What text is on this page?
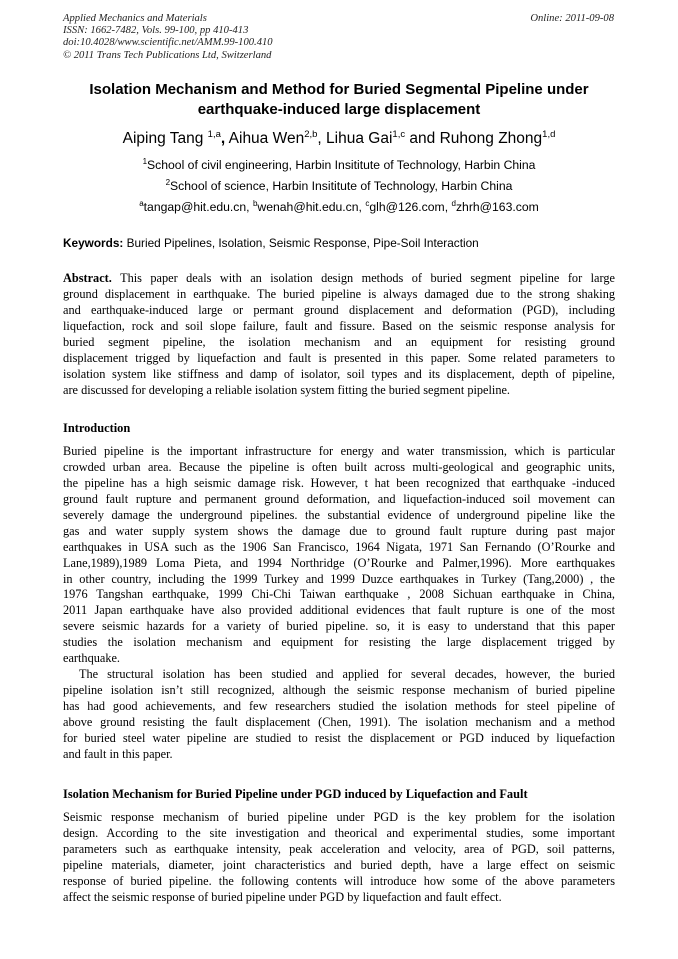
Applied Mechanics and Materials
ISSN: 1662-7482, Vols. 99-100, pp 410-413
doi:10.4028/www.scientific.net/AMM.99-100.410
© 2011 Trans Tech Publications Ltd, Switzerland
Online: 2011-09-08
Isolation Mechanism and Method for Buried Segmental Pipeline under
earthquake-induced large displacement
Aiping Tang $^{1,a}$, Aihua Wen$^{2,b}$, Lihua Gai$^{1,c}$ and Ruhong Zhong$^{1,d}$
$^1$School of civil engineering, Harbin Insititute of Technology, Harbin China
$^2$School of science, Harbin Insititute of Technology, Harbin China
$^a$tangap@hit.edu.cn, $^b$wenah@hit.edu.cn, $^c$glh@126.com, $^d$zhrh@163.com
Keywords: Buried Pipelines, Isolation, Seismic Response, Pipe-Soil Interaction
Abstract. This paper deals with an isolation design methods of buried segment pipeline for large
ground displacement in earthquake. The buried pipeline is always damaged due to the strong shaking
and earthquake-induced large or permant ground displacement and deformation (PGD), including
liquefaction, rock and soil slope failure, fault and fissure. Based on the seismic response analysis for
buried segment pipeline, the isolation mechanism and an equipment for resisting ground
displacement trigged by liquefaction and fault is presented in this paper. Some related parameters to
isolation system like stiffness and damp of isolator, soil types and its displacement, depth of pipeline,
are discussed for developing a reliable isolation system fitting the buried segment pipeline.
Introduction
Buried pipeline is the important infrastructure for energy and water transmission, which is particular
crowded urban area. Because the pipeline is often built across multi-geological and geographic units,
the pipeline has a high seismic damage risk. However, t hat been recognized that earthquake -induced
ground fault rupture and permanent ground deformation, and liquefaction-induced soil movement can
severely damage the underground pipelines. the substantial evidence of underground pipeline like the
gas and water supply system shows the damage due to ground fault rupture during past major
earthquakes in USA such as the 1906 San Francisco, 1964 Nigata, 1971 San Fernando (O’Rourke and
Lane,1989),1989 Loma Pieta, and 1994 Northridge (O’Rourke and Palmer,1996). More earthquakes
in other country, including the 1999 Turkey and 1999 Duzce earthquakes in Turkey (Tang,2000) , the
1976 Tangshan earthquake, 1999 Chi-Chi Taiwan earthquake , 2008 Sichuan earthquake in China,
2011 Japan earthquake have also provided additional evidences that fault rupture is one of the most
severe seismic hazards for a variety of buried pipeline. so, it is easy to understand that this paper
studies the isolation mechanism and equipment for resisting the large displacement trigged by
earthquake.
The structural isolation has been studied and applied for several decades, however, the buried
pipeline isolation isn’t still recognized, although the seismic response mechanism of buried pipeline
has had good achievements, and few researchers studied the isolation methods for steel pipeline of
above ground resisting the fault displacement (Chen, 1991). The isolation mechanism and a method
for buried steel water pipeline are studied to resist the displacement or PGD induced by liquefaction
and fault in this paper.
Isolation Mechanism for Buried Pipeline under PGD induced by Liquefaction and Fault
Seismic response mechanism of buried pipeline under PGD is the key problem for the isolation
design. According to the site investigation and theorical and experimental studies, some important
parameters such as earthquake intensity, peak acceleration and velocity, area of PGD, soil patterns,
pipeline materials, diameter, joint characteristics and buried depth, have a large effect on seismic
response of buried pipeline. the following contents will introduce how some of the above parameters
affect the seismic response of buried pipeline under PGD by liquefaction and fault effect.
